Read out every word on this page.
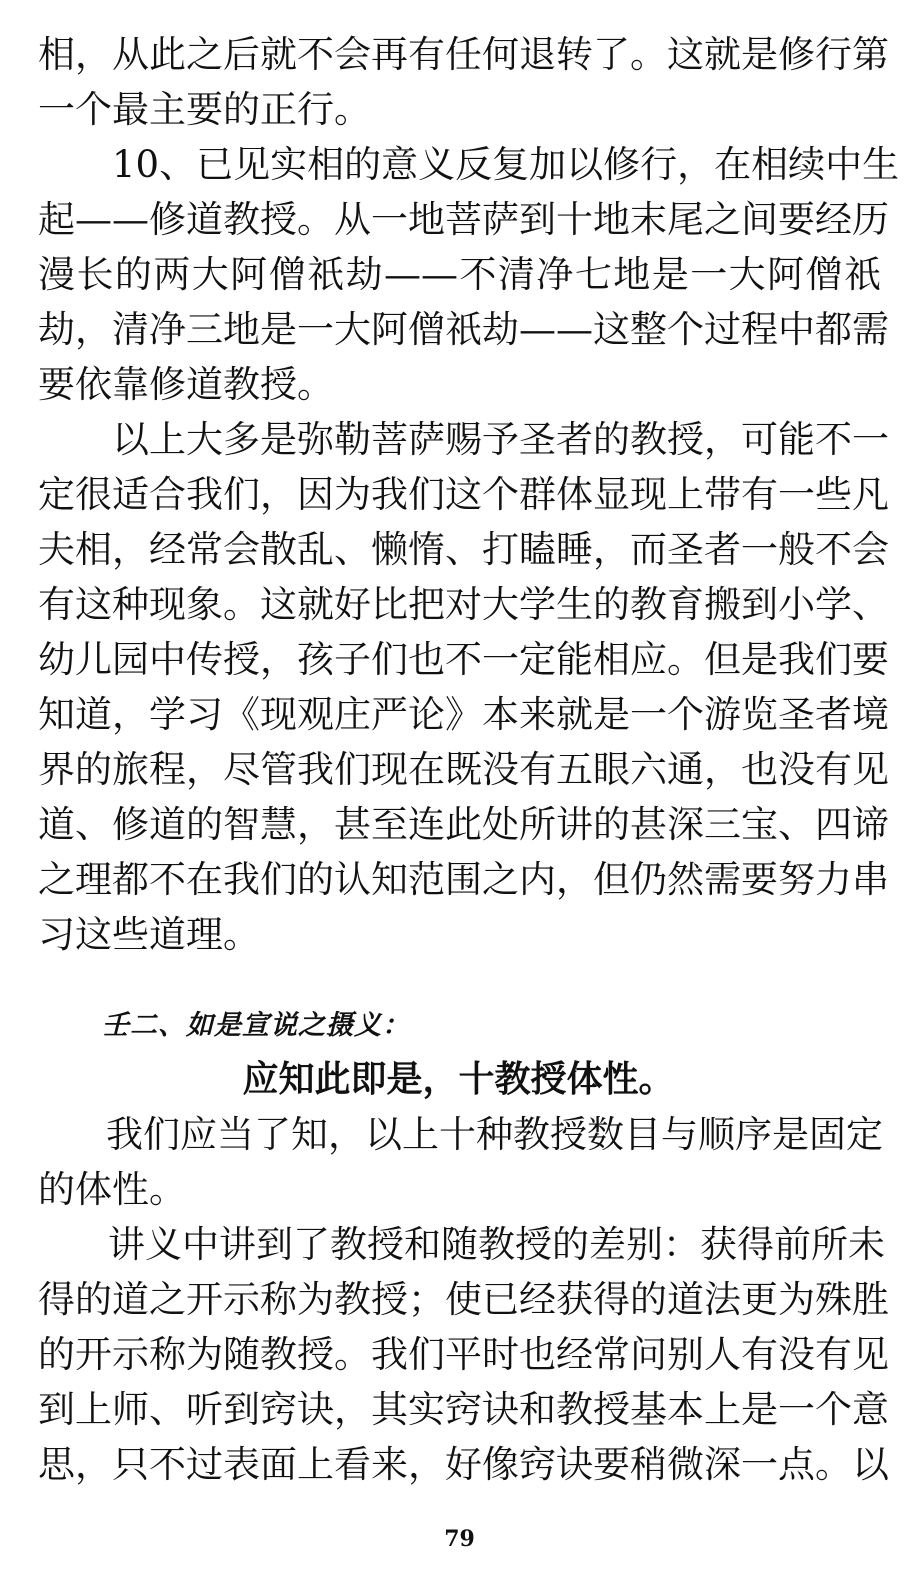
相，从此之后就不会再有任何退转了。这就是修行第
一个最主要的正行。
10、已见实相的意义反复加以修行，在相续中生
起——修道教授。从一地菩萨到十地末尾之间要经历
漫长的两大阿僧祇劫——不清净七地是一大阿僧祇
劫，清净三地是一大阿僧祇劫——这整个过程中都需
要依靠修道教授。
以上大多是弥勒菩萨赐予圣者的教授，可能不一
定很适合我们，因为我们这个群体显现上带有一些凡
夫相，经常会散乱、懒惰、打瞌睡，而圣者一般不会
有这种现象。这就好比把对大学生的教育搬到小学、
幼儿园中传授，孩子们也不一定能相应。但是我们要
知道，学习《现观庄严论》本来就是一个游览圣者境
界的旅程，尽管我们现在既没有五眼六通，也没有见
道、修道的智慧，甚至连此处所讲的甚深三宝、四谛
之理都不在我们的认知范围之内，但仍然需要努力串
习这些道理。
壬二、如是宣说之摄义：
应知此即是，十教授体性。
我们应当了知，以上十种教授数目与顺序是固定
的体性。
讲义中讲到了教授和随教授的差别：获得前所未
得的道之开示称为教授；使已经获得的道法更为殊胜
的开示称为随教授。我们平时也经常问别人有没有见
到上师、听到窍诀，其实窍诀和教授基本上是一个意
思，只不过表面上看来，好像窍诀要稍微深一点。以
79
